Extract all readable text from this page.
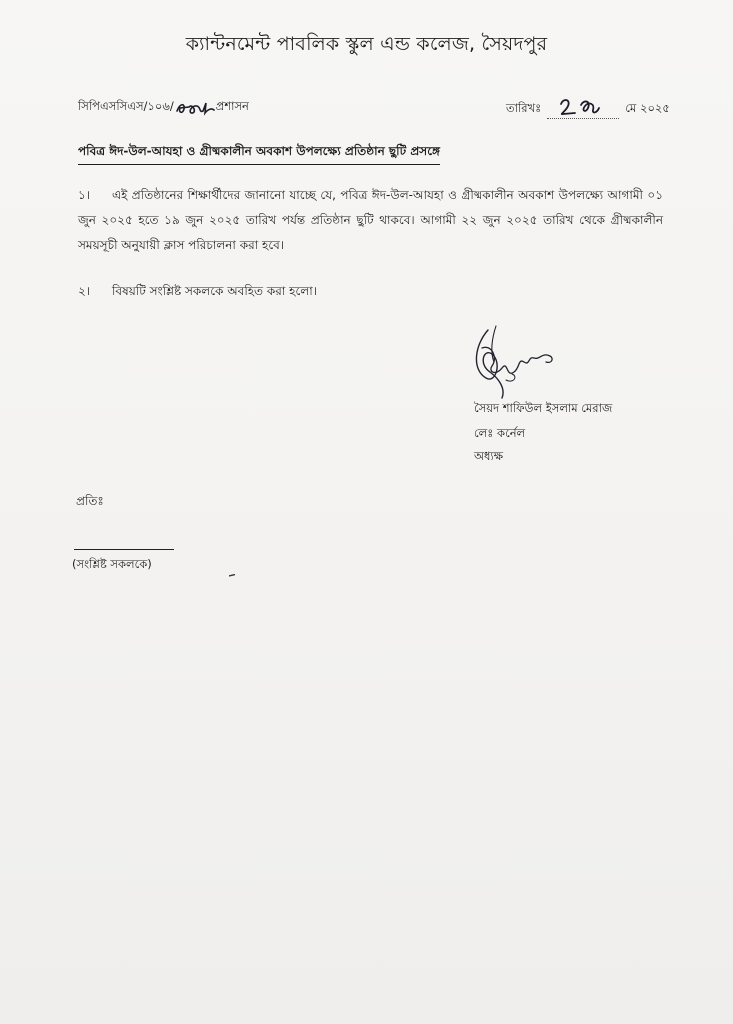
ক্যান্টনমেন্ট পাবলিক স্কুল এন্ড কলেজ, সৈয়দপুর
সিপিএসসিএস/১০৬/	প্রশাসন	তারিখঃ	মে ২০২৫
পবিত্র ঈদ-উল-আযহা ও গ্রীষ্মকালীন অবকাশ উপলক্ষ্যে প্রতিষ্ঠান ছুটি প্রসঙ্গে
১। এই প্রতিষ্ঠানের শিক্ষার্থীদের জানানো যাচ্ছে যে, পবিত্র ঈদ-উল-আযহা ও গ্রীষ্মকালীন অবকাশ উপলক্ষ্যে আগামী ০১ জুন ২০২৫ হতে ১৯ জুন ২০২৫ তারিখ পর্যন্ত প্রতিষ্ঠান ছুটি থাকবে। আগামী ২২ জুন ২০২৫ তারিখ থেকে গ্রীষ্মকালীন সময়সূচী অনুযায়ী ক্লাস পরিচালনা করা হবে।
২। বিষয়টি সংশ্লিষ্ট সকলকে অবহিত করা হলো।
সৈয়দ শাফিউল ইসলাম মেরাজ
লেঃ কর্নেল
অধ্যক্ষ
প্রতিঃ
(সংশ্লিষ্ট সকলকে)
